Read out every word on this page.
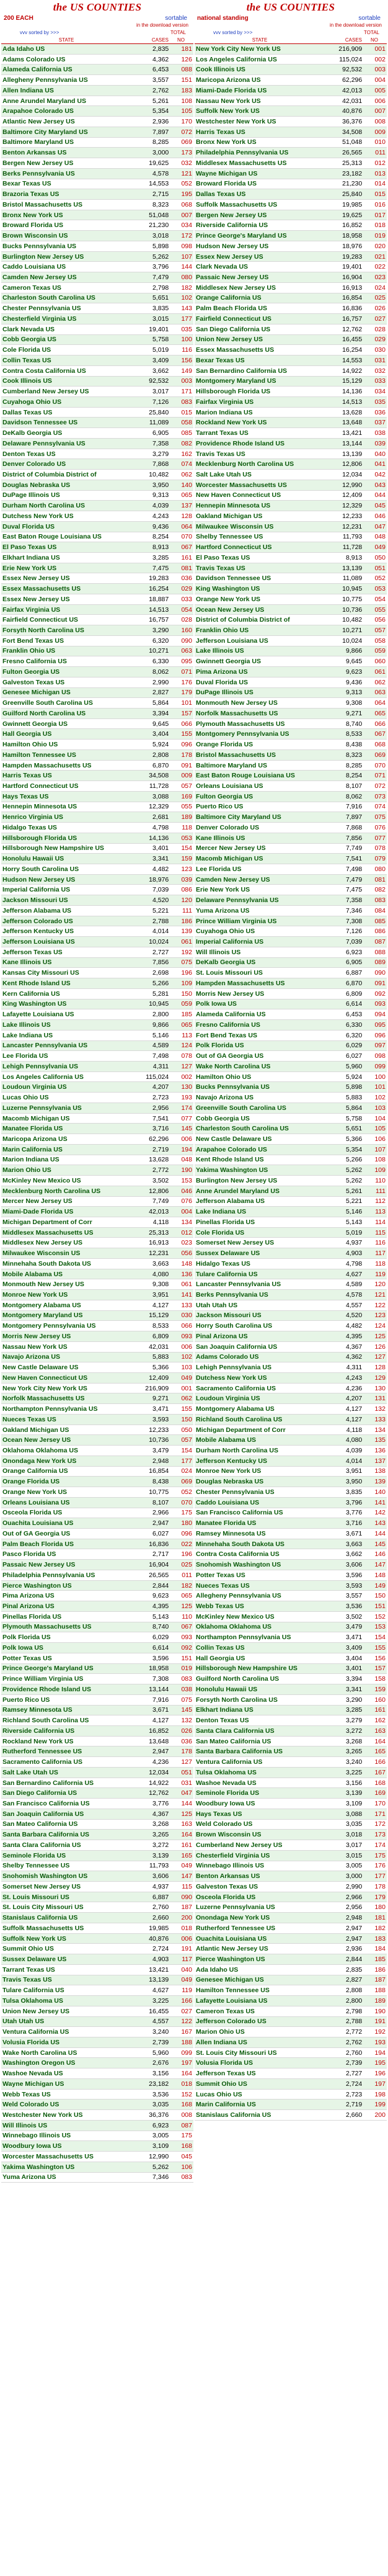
the US COUNTIES
200 EACH	sortable
in the download version
vvv sorted by >>>	TOTAL
STATE	CASES	NO
Ada Idaho US	2,835	181
Adams Colorado US	4,362	126
Alameda California US	6,453	088
Allegheny Pennsylvania US	3,557	151
Allen Indiana US	2,762	183
Anne Arundel Maryland US	5,261	108
Arapahoe Colorado US	5,354	105
Atlantic New Jersey US	2,936	170
Baltimore City Maryland US	7,897	072
Baltimore Maryland US	8,285	069
Benton Arkansas US	3,000	173
Bergen New Jersey US	19,625	032
Berks Pennsylvania US	4,578	121
Bexar Texas US	14,553	052
Brazoria Texas US	2,715	195
Bristol Massachusetts US	8,323	068
Bronx New York US	51,048	007
Broward Florida US	21,230	034
Brown Wisconsin US	3,018	172
Bucks Pennsylvania US	5,898	098
Burlington New Jersey US	5,262	107
Caddo Louisiana US	3,796	144
Camden New Jersey US	7,479	080
Cameron Texas US	2,798	182
Charleston South Carolina US	5,651	102
Chester Pennsylvania US	3,835	143
Chesterfield Virginia US	3,015	177
Clark Nevada US	19,401	035
Cobb Georgia US	5,758	100
Cole Florida US	5,019	116
Collin Texas US	3,409	156
Contra Costa California US	3,662	149
Cook Illinois US	92,532	003
Cumberland New Jersey US	3,017	171
Cuyahoga Ohio US	7,126	083
Dallas Texas US	25,840	015
Davidson Tennessee US	11,089	058
DeKalb Georgia US	6,905	085
Delaware Pennsylvania US	7,358	082
Denton Texas US	3,279	162
Denver Colorado US	7,868	074
District of Columbia District of	10,482	062
Douglas Nebraska US	3,950	140
DuPage Illinois US	9,313	065
Durham North Carolina US	4,039	137
Dutchess New York US	4,243	128
Duval Florida US	9,436	064
East Baton Rouge Louisiana US	8,254	070
El Paso Texas US	8,913	067
Elkhart Indiana US	3,285	161
Erie New York US	7,475	081
Essex New Jersey US	19,283	036
Essex Massachusetts US	16,254	029
Essex New Jersey US	18,887	033
Fairfax Virginia US	14,513	054
Fairfield Connecticut US	16,757	028
Forsyth North Carolina US	3,290	160
Fort Bend Texas US	6,320	090
Franklin Ohio US	10,271	063
Fresno California US	6,330	095
Fulton Georgia US	8,062	071
Galveston Texas US	2,990	176
Genesee Michigan US	2,827	179
Greenville South Carolina US	5,864	101
Guilford North Carolina US	3,394	157
Gwinnett Georgia US	9,645	066
Hall Georgia US	3,404	155
Hamilton Ohio US	5,924	096
Hamilton Tennessee US	2,808	178
Hampden Massachusetts US	6,870	091
Harris Texas US	34,508	009
Hartford Connecticut US	11,728	057
Hays Texas US	3,088	169
Hennepin Minnesota US	12,329	055
Henrico Virginia US	2,681	189
Hidalgo Texas US	4,798	118
Hillsborough Florida US	14,136	053
Hillsborough New Hampshire US	3,401	154
Honolulu Hawaii US	3,341	159
Horry South Carolina US	4,482	123
Hudson New Jersey US	18,976	039
Imperial California US	7,039	086
Jackson Missouri US	4,520	120
Jefferson Alabama US	5,221	111
Jefferson Colorado US	2,788	186
Jefferson Kentucky US	4,014	139
Jefferson Louisiana US	10,024	061
Jefferson Texas US	2,727	192
Kane Illinois US	7,856	075
Kansas City Missouri US	2,698	196
Kent Rhode Island US	5,266	109
Kern California US	5,281	150
King Washington US	10,945	059
Lafayette Louisiana US	2,800	185
Lake Illinois US	9,866	065
Lake Indiana US	5,146	113
Lancaster Pennsylvania US	4,589	124
Lee Florida US	7,498	078
Lehigh Pennsylvania US	4,311	127
Los Angeles California US	115,024	002
Loudoun Virginia US	4,207	130
Lucas Ohio US	2,723	193
Luzerne Pennsylvania US	2,956	174
Macomb Michigan US	7,541	077
Manatee Florida US	3,716	145
Maricopa Arizona US	62,296	006
Marin California US	2,719	194
Marion Indiana US	13,628	048
Marion Ohio US	2,772	190
McKinley New Mexico US	3,502	153
Mecklenburg North Carolina US	12,806	046
Mercer New Jersey US	7,749	076
Miami-Dade Florida US	42,013	004
Michigan Department of Corr	4,118	134
Middlesex Massachusetts US	25,313	012
Middlesex New Jersey US	16,913	023
Milwaukee Wisconsin US	12,231	056
Minnehaha South Dakota US	3,663	148
Mobile Alabama US	4,080	136
Monmouth New Jersey US	9,308	061
Monroe New York US	3,951	141
Montgomery Alabama US	4,127	133
Montgomery Maryland US	15,129	030
Montgomery Pennsylvania US	8,533	066
Morris New Jersey US	6,809	093
Nassau New York US	42,031	006
Navajo Arizona US	5,883	102
New Castle Delaware US	5,366	103
New Haven Connecticut US	12,409	049
New York City New York US	216,909	001
Norfolk Massachusetts US	9,271	062
Northampton Pennsylvania US	3,471	155
Nueces Texas US	3,593	150
Oakland Michigan US	12,233	050
Ocean New Jersey US	10,736	057
Oklahoma Oklahoma US	3,479	154
Onondaga New York US	2,948	177
Orange California US	16,854	024
Orange Florida US	8,438	069
Orange New York US	10,775	052
Orleans Louisiana US	8,107	070
Osceola Florida US	2,966	175
Ouachita Louisiana US	2,947	180
Out of GA Georgia US	6,027	096
Palm Beach Florida US	16,836	022
Pasco Florida US	2,717	196
Passaic New Jersey US	16,904	025
Philadelphia Pennsylvania US	26,565	011
Pierce Washington US	2,844	182
Pima Arizona US	9,623	065
Pinal Arizona US	4,395	125
Pinellas Florida US	5,143	110
Plymouth Massachusetts US	8,740	067
Polk Florida US	6,029	093
Polk Iowa US	6,614	092
Potter Texas US	3,596	151
Prince George's Maryland US	18,958	019
Prince William Virginia US	7,308	083
Providence Rhode Island US	13,144	038
Puerto Rico US	7,916	075
Ramsey Minnesota US	3,671	145
Richland South Carolina US	4,127	132
Riverside California US	16,852	026
Rockland New York US	13,648	036
Rutherford Tennessee US	2,947	178
Sacramento California US	4,236	127
Salt Lake Utah US	12,034	051
San Bernardino California US	14,922	031
San Diego California US	12,762	047
San Francisco California US	3,776	144
San Joaquin California US	4,367	125
San Mateo California US	3,268	163
Santa Barbara California US	3,265	164
Santa Clara California US	3,272	161
Seminole Florida US	3,139	165
Shelby Tennessee US	11,793	049
Snohomish Washington US	3,606	147
Somerset New Jersey US	4,937	115
St. Louis Missouri US	6,887	090
St. Louis City Missouri US	2,760	187
Stanislaus California US	2,660	200
Suffolk Massachusetts US	19,985	018
Suffolk New York US	40,876	006
Summit Ohio US	2,724	191
Sussex Delaware US	4,903	117
Tarrant Texas US	13,421	040
Travis Texas US	13,139	049
Tulare California US	4,627	119
Tulsa Oklahoma US	3,225	166
Union New Jersey US	16,455	027
Utah Utah US	4,557	122
Ventura California US	3,240	167
Volusia Florida US	2,739	188
Wake North Carolina US	5,960	099
Washington Oregon US	2,676	197
Washoe Nevada US	3,156	164
Wayne Michigan US	23,182	018
Webb Texas US	3,536	152
Weld Colorado US	3,035	168
Westchester New York US	36,376	008
Will Illinois US	6,923	087
Winnebago Illinois US	3,005	175
Woodbury Iowa US	3,109	168
Worcester Massachusetts US	12,990	045
Yakima Washington US	5,262	106
Yuma Arizona US	7,346	083
the US COUNTIES
national standing	sortable
in the download version
vvv sorted by >>>	TOTAL
STATE	CASES	NO
New York City New York US	216,909	001
Los Angeles California US	115,024	002
Cook Illinois US	92,532	003
Maricopa Arizona US	62,296	004
Miami-Dade Florida US	42,013	005
Nassau New York US	42,031	006
Suffolk New York US	40,876	007
Westchester New York US	36,376	008
Harris Texas US	34,508	009
Bronx New York US	51,048	010
Philadelphia Pennsylvania US	26,565	011
Middlesex Massachusetts US	25,313	012
Wayne Michigan US	23,182	013
Broward Florida US	21,230	014
Dallas Texas US	25,840	015
Suffolk Massachusetts US	19,985	016
Bergen New Jersey US	19,625	017
Riverside California US	16,852	018
Prince George's Maryland US	18,958	019
Hudson New Jersey US	18,976	020
Essex New Jersey US	19,283	021
Clark Nevada US	19,401	022
Passaic New Jersey US	16,904	023
Middlesex New Jersey US	16,913	024
Orange California US	16,854	025
Palm Beach Florida US	16,836	026
Fairfield Connecticut US	16,757	027
San Diego California US	12,762	028
Union New Jersey US	16,455	029
Essex Massachusetts US	16,254	030
Bexar Texas US	14,553	031
San Bernardino California US	14,922	032
Montgomery Maryland US	15,129	033
Hillsborough Florida US	14,136	034
Fairfax Virginia US	14,513	035
Marion Indiana US	13,628	036
Rockland New York US	13,648	037
Tarrant Texas US	13,421	038
Providence Rhode Island US	13,144	039
Travis Texas US	13,139	040
Mecklenburg North Carolina US	12,806	041
Salt Lake Utah US	12,034	042
Worcester Massachusetts US	12,990	043
New Haven Connecticut US	12,409	044
Hennepin Minnesota US	12,329	045
Oakland Michigan US	12,233	046
Milwaukee Wisconsin US	12,231	047
Shelby Tennessee US	11,793	048
Hartford Connecticut US	11,728	049
El Paso Texas US	8,913	050
Travis Texas US	13,139	051
Davidson Tennessee US	11,089	052
King Washington US	10,945	053
Orange New York US	10,775	054
Ocean New Jersey US	10,736	055
District of Columbia District of	10,482	056
Franklin Ohio US	10,271	057
Jefferson Louisiana US	10,024	058
Lake Illinois US	9,866	059
Gwinnett Georgia US	9,645	060
Pima Arizona US	9,623	061
Duval Florida US	9,436	062
DuPage Illinois US	9,313	063
Monmouth New Jersey US	9,308	064
Norfolk Massachusetts US	9,271	065
Plymouth Massachusetts US	8,740	066
Montgomery Pennsylvania US	8,533	067
Orange Florida US	8,438	068
Bristol Massachusetts US	8,323	069
Baltimore Maryland US	8,285	070
East Baton Rouge Louisiana US	8,254	071
Orleans Louisiana US	8,107	072
Fulton Georgia US	8,062	073
Puerto Rico US	7,916	074
Baltimore City Maryland US	7,897	075
Denver Colorado US	7,868	076
Kane Illinois US	7,856	077
Mercer New Jersey US	7,749	078
Macomb Michigan US	7,541	079
Lee Florida US	7,498	080
Camden New Jersey US	7,479	081
Erie New York US	7,475	082
Delaware Pennsylvania US	7,358	083
Yuma Arizona US	7,346	084
Prince William Virginia US	7,308	085
Cuyahoga Ohio US	7,126	086
Imperial California US	7,039	087
Will Illinois US	6,923	088
DeKalb Georgia US	6,905	089
St. Louis Missouri US	6,887	090
Hampden Massachusetts US	6,870	091
Morris New Jersey US	6,809	092
Polk Iowa US	6,614	093
Alameda California US	6,453	094
Fresno California US	6,330	095
Fort Bend Texas US	6,320	096
Polk Florida US	6,029	097
Out of GA Georgia US	6,027	098
Wake North Carolina US	5,960	099
Hamilton Ohio US	5,924	100
Bucks Pennsylvania US	5,898	101
Navajo Arizona US	5,883	102
Greenville South Carolina US	5,864	103
Cobb Georgia US	5,758	104
Charleston South Carolina US	5,651	105
New Castle Delaware US	5,366	106
Arapahoe Colorado US	5,354	107
Kent Rhode Island US	5,266	108
Yakima Washington US	5,262	109
Burlington New Jersey US	5,262	110
Anne Arundel Maryland US	5,261	111
Jefferson Alabama US	5,221	112
Lake Indiana US	5,146	113
Pinellas Florida US	5,143	114
Cole Florida US	5,019	115
Somerset New Jersey US	4,937	116
Sussex Delaware US	4,903	117
Hidalgo Texas US	4,798	118
Tulare California US	4,627	119
Lancaster Pennsylvania US	4,589	120
Berks Pennsylvania US	4,578	121
Utah Utah US	4,557	122
Jackson Missouri US	4,520	123
Horry South Carolina US	4,482	124
Pinal Arizona US	4,395	125
San Joaquin California US	4,367	126
Adams Colorado US	4,362	127
Lehigh Pennsylvania US	4,311	128
Dutchess New York US	4,243	129
Sacramento California US	4,236	130
Loudoun Virginia US	4,207	131
Montgomery Alabama US	4,127	132
Richland South Carolina US	4,127	133
Michigan Department of Corr	4,118	134
Mobile Alabama US	4,080	135
Durham North Carolina US	4,039	136
Jefferson Kentucky US	4,014	137
Monroe New York US	3,951	138
Douglas Nebraska US	3,950	139
Chester Pennsylvania US	3,835	140
Caddo Louisiana US	3,796	141
San Francisco California US	3,776	142
Manatee Florida US	3,716	143
Ramsey Minnesota US	3,671	144
Minnehaha South Dakota US	3,663	145
Contra Costa California US	3,662	146
Snohomish Washington US	3,606	147
Potter Texas US	3,596	148
Nueces Texas US	3,593	149
Allegheny Pennsylvania US	3,557	150
Webb Texas US	3,536	151
McKinley New Mexico US	3,502	152
Oklahoma Oklahoma US	3,479	153
Northampton Pennsylvania US	3,471	154
Collin Texas US	3,409	155
Hall Georgia US	3,404	156
Hillsborough New Hampshire US	3,401	157
Guilford North Carolina US	3,394	158
Honolulu Hawaii US	3,341	159
Forsyth North Carolina US	3,290	160
Elkhart Indiana US	3,285	161
Denton Texas US	3,279	162
Santa Clara California US	3,272	163
San Mateo California US	3,268	164
Santa Barbara California US	3,265	165
Ventura California US	3,240	166
Tulsa Oklahoma US	3,225	167
Washoe Nevada US	3,156	168
Seminole Florida US	3,139	169
Woodbury Iowa US	3,109	170
Hays Texas US	3,088	171
Weld Colorado US	3,035	172
Brown Wisconsin US	3,018	173
Cumberland New Jersey US	3,017	174
Chesterfield Virginia US	3,015	175
Winnebago Illinois US	3,005	176
Benton Arkansas US	3,000	177
Galveston Texas US	2,990	178
Osceola Florida US	2,966	179
Luzerne Pennsylvania US	2,956	180
Onondaga New York US	2,948	181
Rutherford Tennessee US	2,947	182
Ouachita Louisiana US	2,947	183
Atlantic New Jersey US	2,936	184
Pierce Washington US	2,844	185
Ada Idaho US	2,835	186
Genesee Michigan US	2,827	187
Hamilton Tennessee US	2,808	188
Lafayette Louisiana US	2,800	189
Cameron Texas US	2,798	190
Jefferson Colorado US	2,788	191
Marion Ohio US	2,772	192
Allen Indiana US	2,762	193
St. Louis City Missouri US	2,760	194
Volusia Florida US	2,739	195
Jefferson Texas US	2,727	196
Summit Ohio US	2,724	197
Lucas Ohio US	2,723	198
Marin California US	2,719	199
Stanislaus California US	2,660	200
